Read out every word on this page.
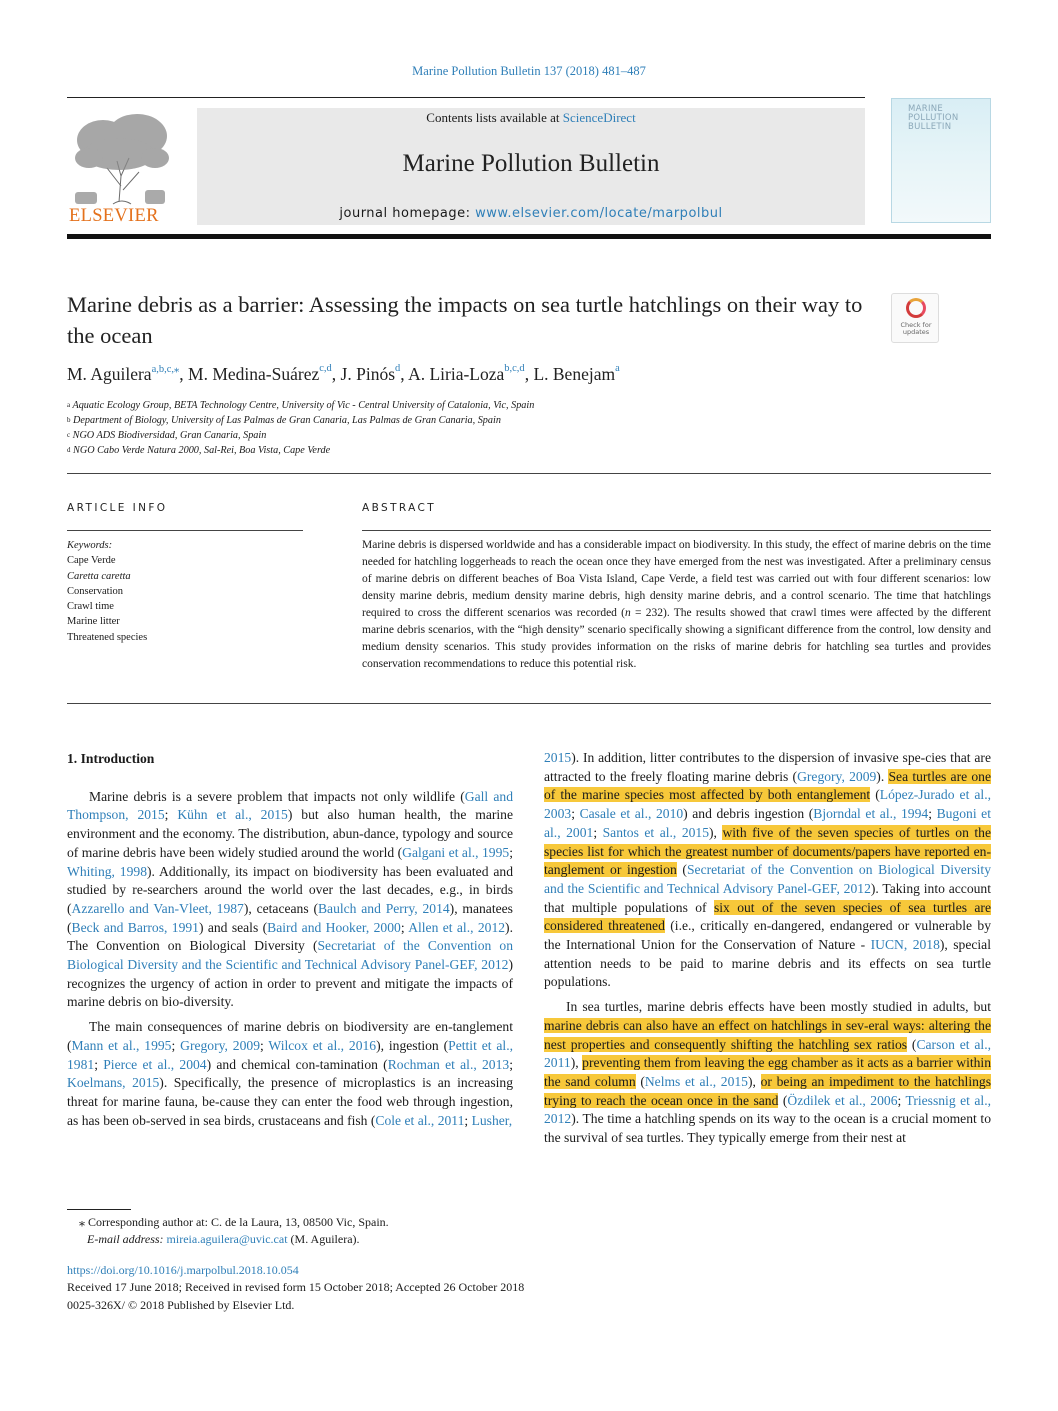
Marine Pollution Bulletin 137 (2018) 481–487
ELSEVIER
Contents lists available at ScienceDirect
Marine Pollution Bulletin
journal homepage: www.elsevier.com/locate/marpolbul
MARINE POLLUTION BULLETIN
Marine debris as a barrier: Assessing the impacts on sea turtle hatchlings on their way to the ocean	Check for updates
M. Aguilera$^{a,b,c,⁎}$, M. Medina-Suárez$^{c,d}$, J. Pinós$^d$, A. Liria-Loza$^{b,c,d}$, L. Benejam$^a$
$^a$ Aquatic Ecology Group, BETA Technology Centre, University of Vic - Central University of Catalonia, Vic, Spain
$^b$ Department of Biology, University of Las Palmas de Gran Canaria, Las Palmas de Gran Canaria, Spain
$^c$ NGO ADS Biodiversidad, Gran Canaria, Spain
$^d$ NGO Cabo Verde Natura 2000, Sal-Rei, Boa Vista, Cape Verde
ARTICLE INFO	ABSTRACT
Keywords:
Cape Verde
Caretta caretta
Conservation
Crawl time
Marine litter
Threatened species
Marine debris is dispersed worldwide and has a considerable impact on biodiversity. In this study, the effect of marine debris on the time needed for hatchling loggerheads to reach the ocean once they have emerged from the nest was investigated. After a preliminary census of marine debris on different beaches of Boa Vista Island, Cape Verde, a field test was carried out with four different scenarios: low density marine debris, medium density marine debris, high density marine debris, and a control scenario. The time that hatchlings required to cross the different scenarios was recorded (n = 232). The results showed that crawl times were affected by the different marine debris scenarios, with the “high density” scenario specifically showing a significant difference from the control, low density and medium density scenarios. This study provides information on the risks of marine debris for hatchling sea turtles and provides conservation recommendations to reduce this potential risk.
1. Introduction

Marine debris is a severe problem that impacts not only wildlife (Gall and Thompson, 2015; Kühn et al., 2015) but also human health, the marine environment and the economy. The distribution, abun-dance, typology and source of marine debris have been widely studied around the world (Galgani et al., 1995; Whiting, 1998). Additionally, its impact on biodiversity has been evaluated and studied by re-searchers around the world over the last decades, e.g., in birds (Azzarello and Van-Vleet, 1987), cetaceans (Baulch and Perry, 2014), manatees (Beck and Barros, 1991) and seals (Baird and Hooker, 2000; Allen et al., 2012). The Convention on Biological Diversity (Secretariat of the Convention on Biological Diversity and the Scientific and Technical Advisory Panel-GEF, 2012) recognizes the urgency of action in order to prevent and mitigate the impacts of marine debris on bio-diversity.

The main consequences of marine debris on biodiversity are en-tanglement (Mann et al., 1995; Gregory, 2009; Wilcox et al., 2016), ingestion (Pettit et al., 1981; Pierce et al., 2004) and chemical con-tamination (Rochman et al., 2013; Koelmans, 2015). Specifically, the presence of microplastics is an increasing threat for marine fauna, be-cause they can enter the food web through ingestion, as has been ob-served in sea birds, crustaceans and fish (Cole et al., 2011; Lusher,

2015). In addition, litter contributes to the dispersion of invasive spe-cies that are attracted to the freely floating marine debris (Gregory, 2009). Sea turtles are one of the marine species most affected by both entanglement (López-Jurado et al., 2003; Casale et al., 2010) and debris ingestion (Bjorndal et al., 1994; Bugoni et al., 2001; Santos et al., 2015), with five of the seven species of turtles on the species list for which the greatest number of documents/papers have reported en-tanglement or ingestion (Secretariat of the Convention on Biological Diversity and the Scientific and Technical Advisory Panel-GEF, 2012). Taking into account that multiple populations of six out of the seven species of sea turtles are considered threatened (i.e., critically en-dangered, endangered or vulnerable by the International Union for the Conservation of Nature - IUCN, 2018), special attention needs to be paid to marine debris and its effects on sea turtle populations.

In sea turtles, marine debris effects have been mostly studied in adults, but marine debris can also have an effect on hatchlings in sev-eral ways: altering the nest properties and consequently shifting the hatchling sex ratios (Carson et al., 2011), preventing them from leaving the egg chamber as it acts as a barrier within the sand column (Nelms et al., 2015), or being an impediment to the hatchlings trying to reach the ocean once in the sand (Özdilek et al., 2006; Triessnig et al., 2012). The time a hatchling spends on its way to the ocean is a crucial moment to the survival of sea turtles. They typically emerge from their nest at

⁎ Corresponding author at: C. de la Laura, 13, 08500 Vic, Spain.
E-mail address: mireia.aguilera@uvic.cat (M. Aguilera).
https://doi.org/10.1016/j.marpolbul.2018.10.054
Received 17 June 2018; Received in revised form 15 October 2018; Accepted 26 October 2018
0025-326X/ © 2018 Published by Elsevier Ltd.
